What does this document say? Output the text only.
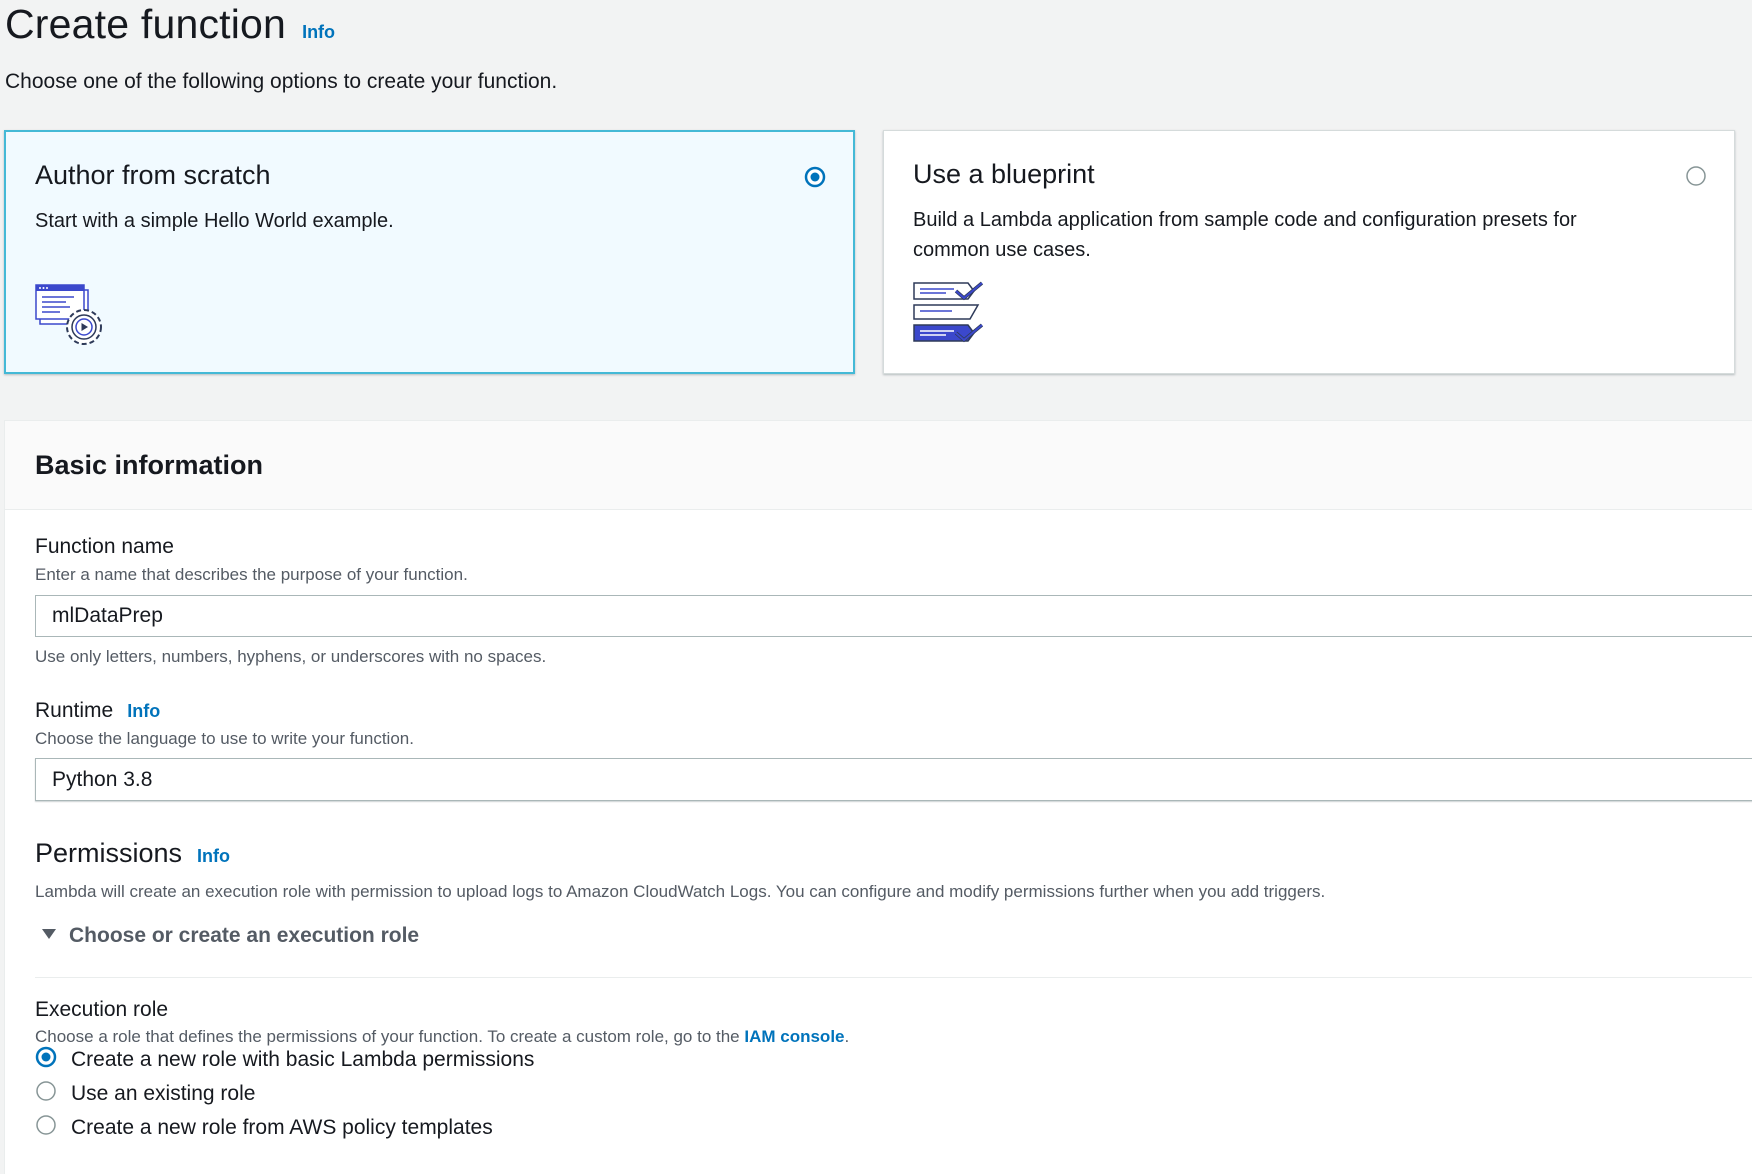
Create function Info
Choose one of the following options to create your function.
Author from scratch
Start with a simple Hello World example.
Use a blueprint
Build a Lambda application from sample code and configuration presets for common use cases.
Basic information
Function name
Enter a name that describes the purpose of your function.
mlDataPrep
Use only letters, numbers, hyphens, or underscores with no spaces.
Runtime Info
Choose the language to use to write your function.
Python 3.8
Permissions Info
Lambda will create an execution role with permission to upload logs to Amazon CloudWatch Logs. You can configure and modify permissions further when you add triggers.
Choose or create an execution role
Execution role
Choose a role that defines the permissions of your function. To create a custom role, go to the IAM console.
Create a new role with basic Lambda permissions
Use an existing role
Create a new role from AWS policy templates
